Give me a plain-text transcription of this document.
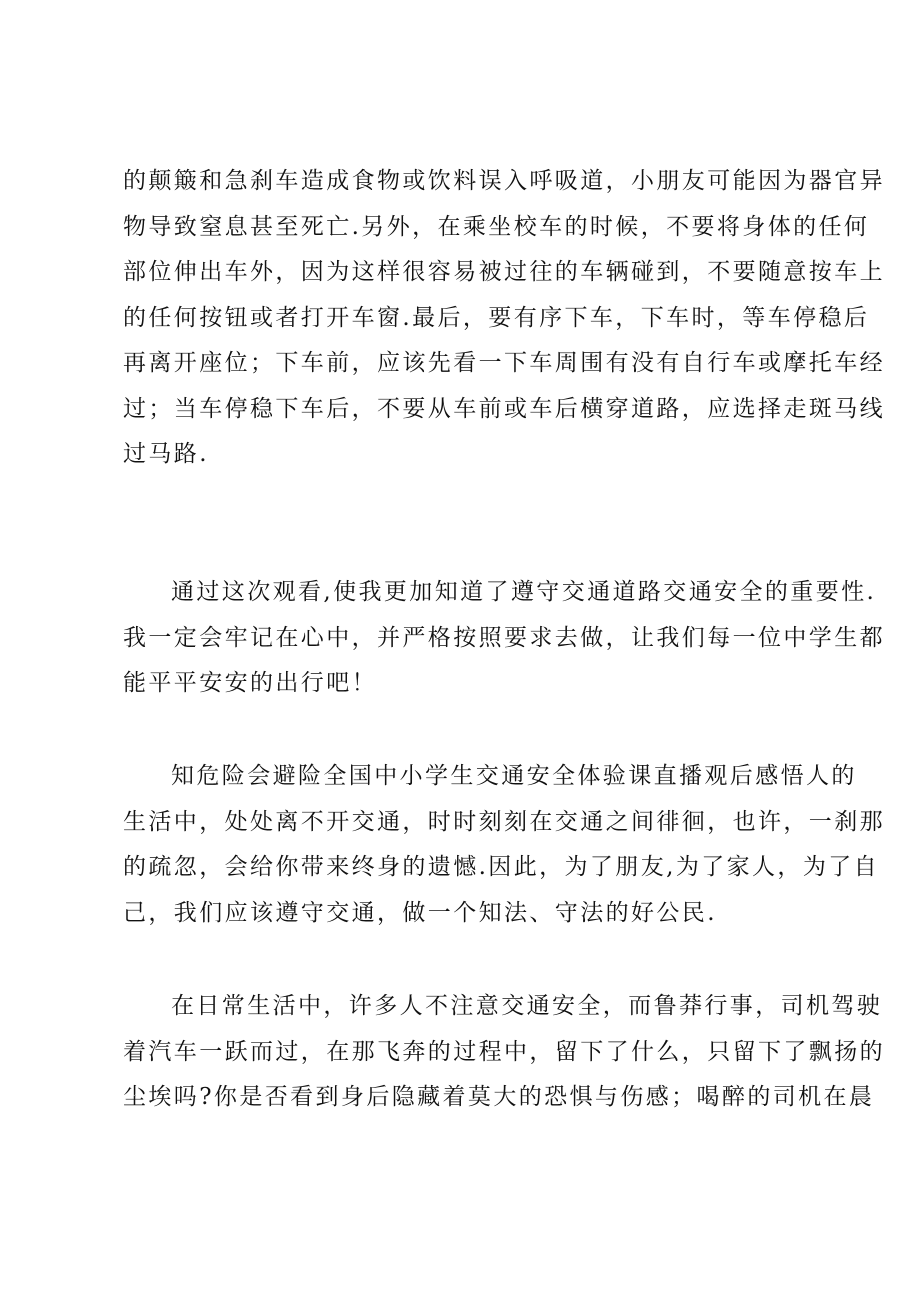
的颠簸和急刹车造成食物或饮料误入呼吸道，小朋友可能因为器官异
物导致窒息甚至死亡.另外，在乘坐校车的时候，不要将身体的任何
部位伸出车外，因为这样很容易被过往的车辆碰到，不要随意按车上
的任何按钮或者打开车窗.最后，要有序下车，下车时，等车停稳后
再离开座位；下车前，应该先看一下车周围有没有自行车或摩托车经
过；当车停稳下车后，不要从车前或车后横穿道路，应选择走斑马线
过马路.
通过这次观看,使我更加知道了遵守交通道路交通安全的重要性.
我一定会牢记在心中，并严格按照要求去做，让我们每一位中学生都
能平平安安的出行吧！
知危险会避险全国中小学生交通安全体验课直播观后感悟人的
生活中，处处离不开交通，时时刻刻在交通之间徘徊，也许，一刹那
的疏忽，会给你带来终身的遗憾.因此，为了朋友,为了家人，为了自
己，我们应该遵守交通，做一个知法、守法的好公民.
在日常生活中，许多人不注意交通安全，而鲁莽行事，司机驾驶
着汽车一跃而过，在那飞奔的过程中，留下了什么，只留下了飘扬的
尘埃吗?你是否看到身后隐藏着莫大的恐惧与伤感；喝醉的司机在晨
